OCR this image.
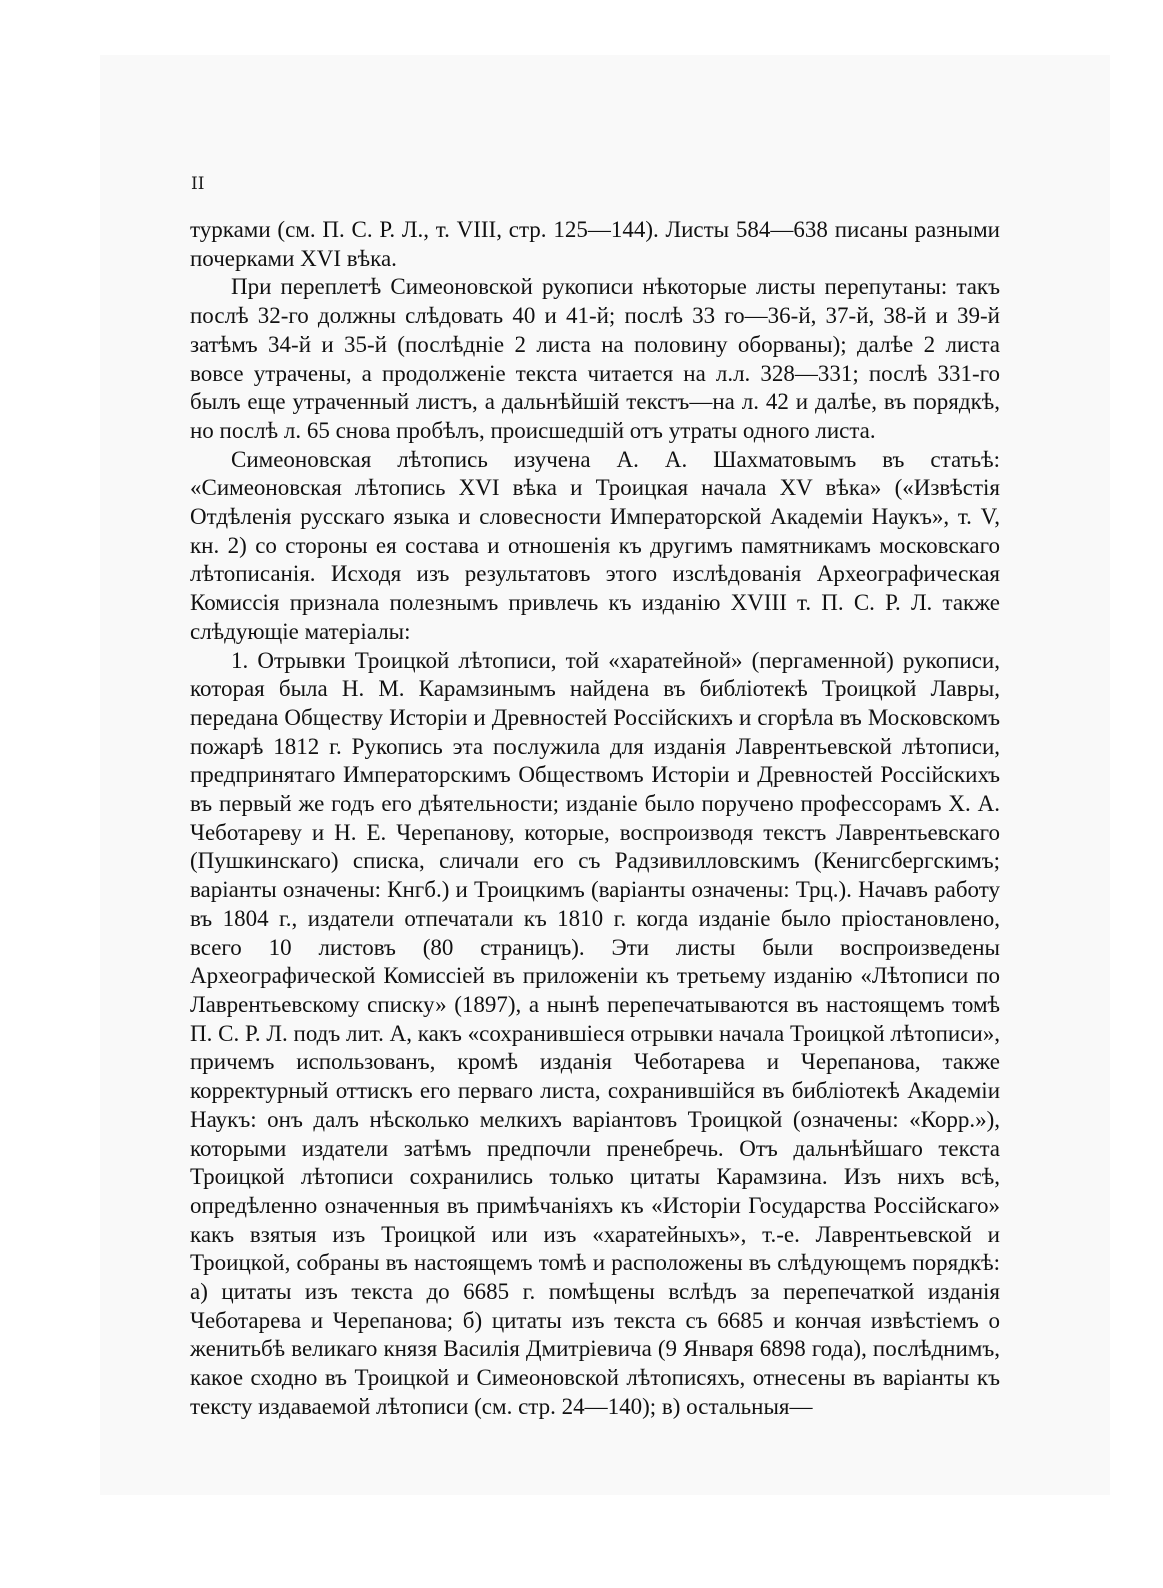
II

турками (см. П. С. Р. Л., т. VIII, стр. 125—144). Листы 584—638 писаны разными почерками XVI вѣка.

При переплетѣ Симеоновской рукописи нѣкоторые листы перепутаны: такъ послѣ 32-го должны слѣдовать 40 и 41-й; послѣ 33 го—36-й, 37-й, 38-й и 39-й затѣмъ 34-й и 35-й (послѣдніе 2 листа на половину оборваны); далѣе 2 листа вовсе утрачены, а продолженіе текста читается на л.л. 328—331; послѣ 331-го былъ еще утраченный листъ, а дальнѣйшій текстъ—на л. 42 и далѣе, въ порядкѣ, но послѣ л. 65 снова пробѣлъ, происшедшій отъ утраты одного листа.

Симеоновская лѣтопись изучена А. А. Шахматовымъ въ статьѣ: «Симеоновская лѣтопись XVI вѣка и Троицкая начала XV вѣка» («Извѣстія Отдѣленія русскаго языка и словесности Императорской Академіи Наукъ», т. V, кн. 2) со стороны ея состава и отношенія къ другимъ памятникамъ московскаго лѣтописанія. Исходя изъ результатовъ этого изслѣдованія Археографическая Комиссія признала полезнымъ привлечь къ изданію XVIII т. П. С. Р. Л. также слѣдующіе матеріалы:

1. Отрывки Троицкой лѣтописи, той «харатейной» (пергаменной) рукописи, которая была Н. М. Карамзинымъ найдена въ библіотекѣ Троицкой Лавры, передана Обществу Исторіи и Древностей Россійскихъ и сгорѣла въ Московскомъ пожарѣ 1812 г. Рукопись эта послужила для изданія Лаврентьевской лѣтописи, предпринятаго Императорскимъ Обществомъ Исторіи и Древностей Россійскихъ въ первый же годъ его дѣятельности; изданіе было поручено профессорамъ Х. А. Чеботареву и Н. Е. Черепанову, которые, воспроизводя текстъ Лаврентьевскаго (Пушкинскаго) списка, сличали его съ Радзивилловскимъ (Кенигсбергскимъ; варіанты означены: Кнгб.) и Троицкимъ (варіанты означены: Трц.). Начавъ работу въ 1804 г., издатели отпечатали къ 1810 г. когда изданіе было пріостановлено, всего 10 листовъ (80 страницъ). Эти листы были воспроизведены Археографической Комиссіей въ приложеніи къ третьему изданію «Лѣтописи по Лаврентьевскому списку» (1897), а нынѣ перепечатываются въ настоящемъ томѣ П. С. Р. Л. подъ лит. А, какъ «сохранившіеся отрывки начала Троицкой лѣтописи», причемъ использованъ, кромѣ изданія Чеботарева и Черепанова, также корректурный оттискъ его перваго листа, сохранившійся въ библіотекѣ Академіи Наукъ: онъ далъ нѣсколько мелкихъ варіантовъ Троицкой (означены: «Корр.»), которыми издатели затѣмъ предпочли пренебречь. Отъ дальнѣйшаго текста Троицкой лѣтописи сохранились только цитаты Карамзина. Изъ нихъ всѣ, опредѣленно означенныя въ примѣчаніяхъ къ «Исторіи Государства Россійскаго» какъ взятыя изъ Троицкой или изъ «харатейныхъ», т.-е. Лаврентьевской и Троицкой, собраны въ настоящемъ томѣ и расположены въ слѣдующемъ порядкѣ: а) цитаты изъ текста до 6685 г. помѣщены вслѣдъ за перепечаткой изданія Чеботарева и Черепанова; б) цитаты изъ текста съ 6685 и кончая извѣстіемъ о женитьбѣ великаго князя Василія Дмитріевича (9 Января 6898 года), послѣднимъ, какое сходно въ Троицкой и Симеоновской лѣтописяхъ, отнесены въ варіанты къ тексту издаваемой лѣтописи (см. стр. 24—140); в) остальныя—
